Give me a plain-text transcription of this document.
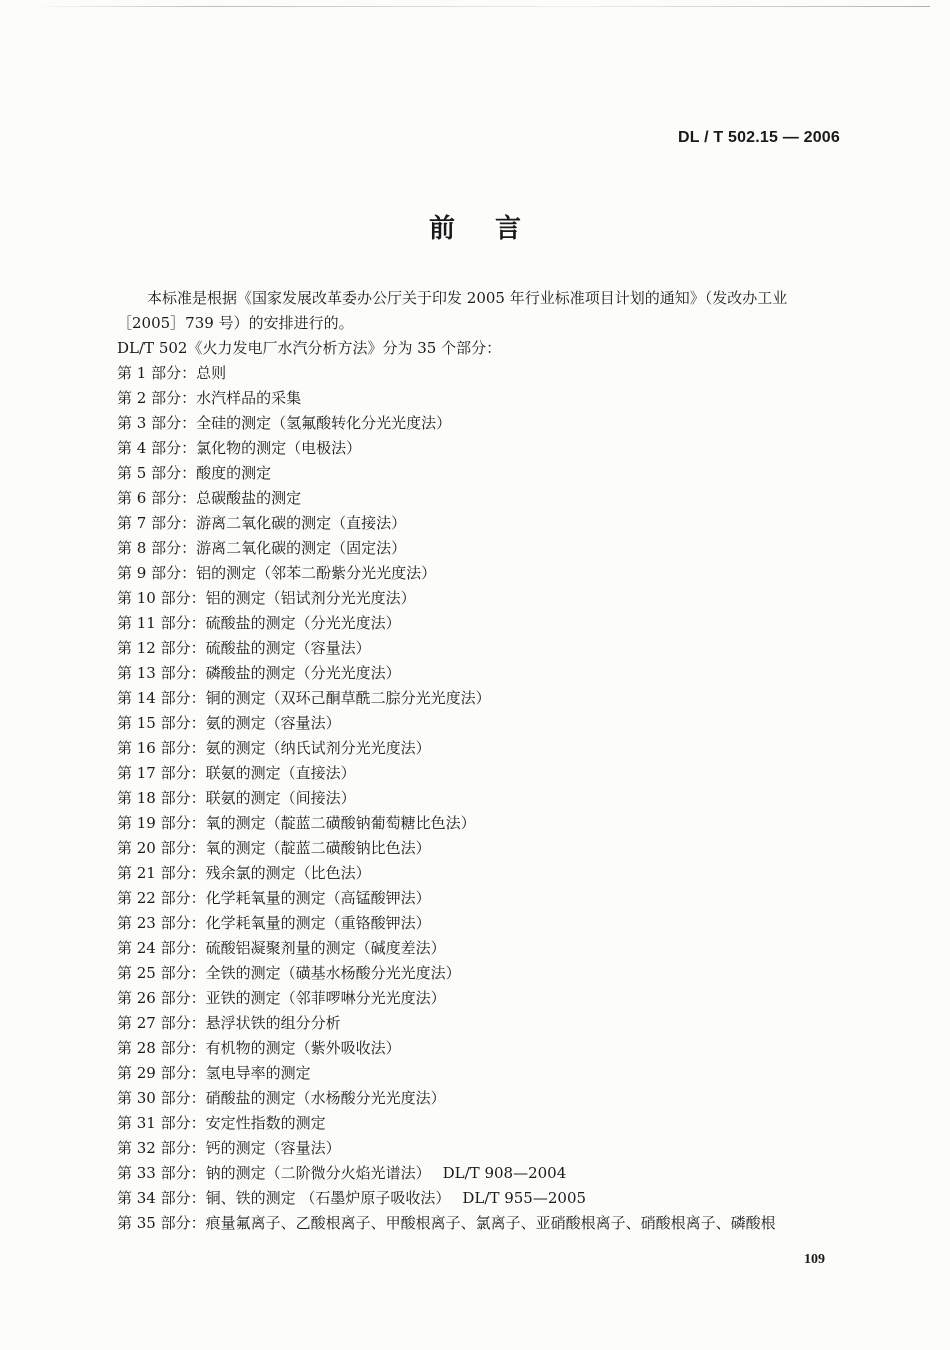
DL / T 502.15 — 2006
前言

本标准是根据《国家发展改革委办公厅关于印发 2005 年行业标准项目计划的通知》（发改办工业［2005］739 号）的安排进行的。

DL/T 502《火力发电厂水汽分析方法》分为 35 个部分：

第 1 部分：总则
第 2 部分：水汽样品的采集
第 3 部分：全硅的测定（氢氟酸转化分光光度法）
第 4 部分：氯化物的测定（电极法）
第 5 部分：酸度的测定
第 6 部分：总碳酸盐的测定
第 7 部分：游离二氧化碳的测定（直接法）
第 8 部分：游离二氧化碳的测定（固定法）
第 9 部分：铝的测定（邻苯二酚紫分光光度法）
第 10 部分：铝的测定（铝试剂分光光度法）
第 11 部分：硫酸盐的测定（分光光度法）
第 12 部分：硫酸盐的测定（容量法）
第 13 部分：磷酸盐的测定（分光光度法）
第 14 部分：铜的测定（双环己酮草酰二腙分光光度法）
第 15 部分：氨的测定（容量法）
第 16 部分：氨的测定（纳氏试剂分光光度法）
第 17 部分：联氨的测定（直接法）
第 18 部分：联氨的测定（间接法）
第 19 部分：氧的测定（靛蓝二磺酸钠葡萄糖比色法）
第 20 部分：氧的测定（靛蓝二磺酸钠比色法）
第 21 部分：残余氯的测定（比色法）
第 22 部分：化学耗氧量的测定（高锰酸钾法）
第 23 部分：化学耗氧量的测定（重铬酸钾法）
第 24 部分：硫酸铝凝聚剂量的测定（碱度差法）
第 25 部分：全铁的测定（磺基水杨酸分光光度法）
第 26 部分：亚铁的测定（邻菲啰啉分光光度法）
第 27 部分：悬浮状铁的组分分析
第 28 部分：有机物的测定（紫外吸收法）
第 29 部分：氢电导率的测定
第 30 部分：硝酸盐的测定（水杨酸分光光度法）
第 31 部分：安定性指数的测定
第 32 部分：钙的测定（容量法）
第 33 部分：钠的测定（二阶微分火焰光谱法） DL/T 908—2004
第 34 部分：铜、铁的测定 （石墨炉原子吸收法） DL/T 955—2005
第 35 部分：痕量氟离子、乙酸根离子、甲酸根离子、氯离子、亚硝酸根离子、硝酸根离子、磷酸根
109
